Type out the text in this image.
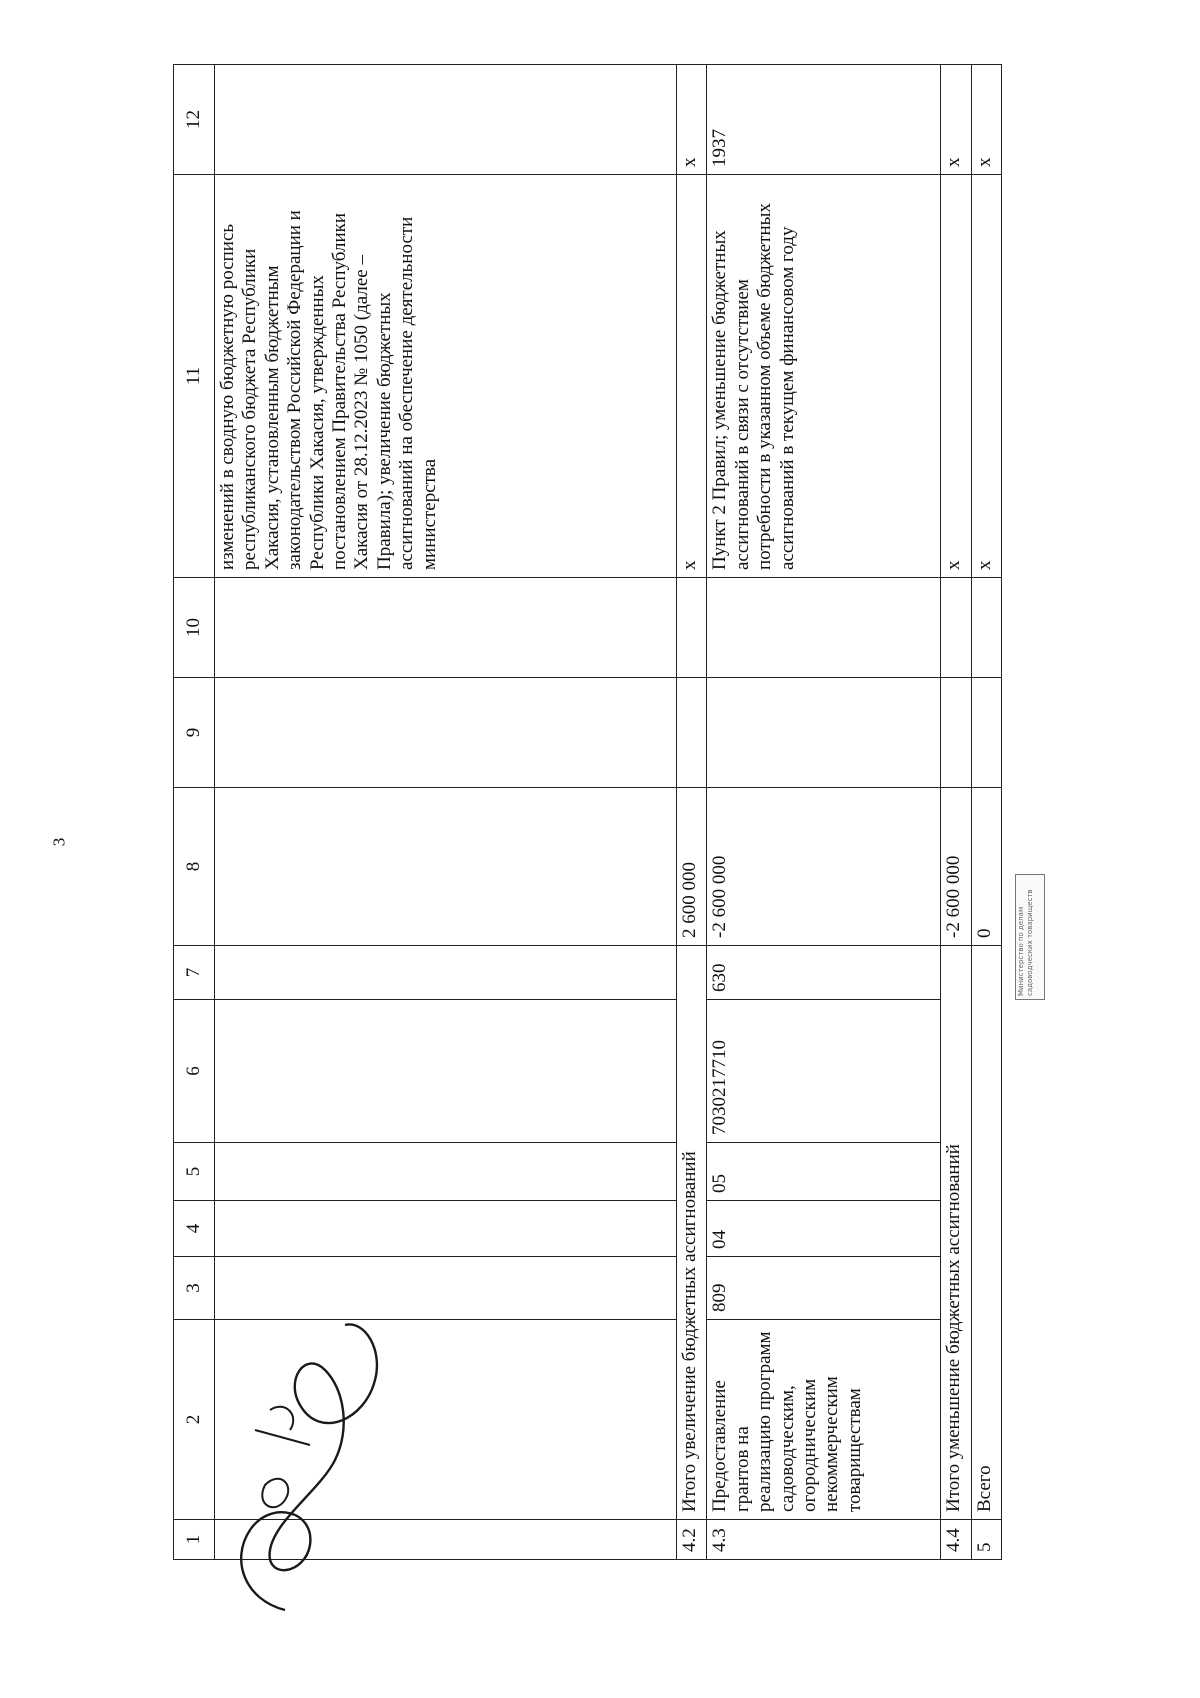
3
1	2	3	4	5	6	7	8	9	10	11	12
										изменений в сводную бюджетную роспись республиканского бюджета Республики Хакасия, установленным бюджетным законодательством Российской Федерации и Республики Хакасия, утвержденных постановлением Правительства Республики Хакасия от 28.12.2023 № 1050 (далее – Правила); увеличение бюджетных ассигнований на обеспечение деятельности министерства	
4.2	Итого увеличение бюджетных ассигнований						2 600 000			x	x
4.3	Предоставление грантов на реализацию программ садоводческим, огородническим некоммерческим товариществам	809	04	05	7030217710	630	-2 600 000			Пункт 2 Правил; уменьшение бюджетных ассигнований в связи с отсутствием потребности в указанном объеме бюджетных ассигнований в текущем финансовом году	1937
4.4	Итого уменьшение бюджетных ассигнований						-2 600 000			x	x
5	Всего						0			x	x
Министерство по делам садоводческих товариществ
